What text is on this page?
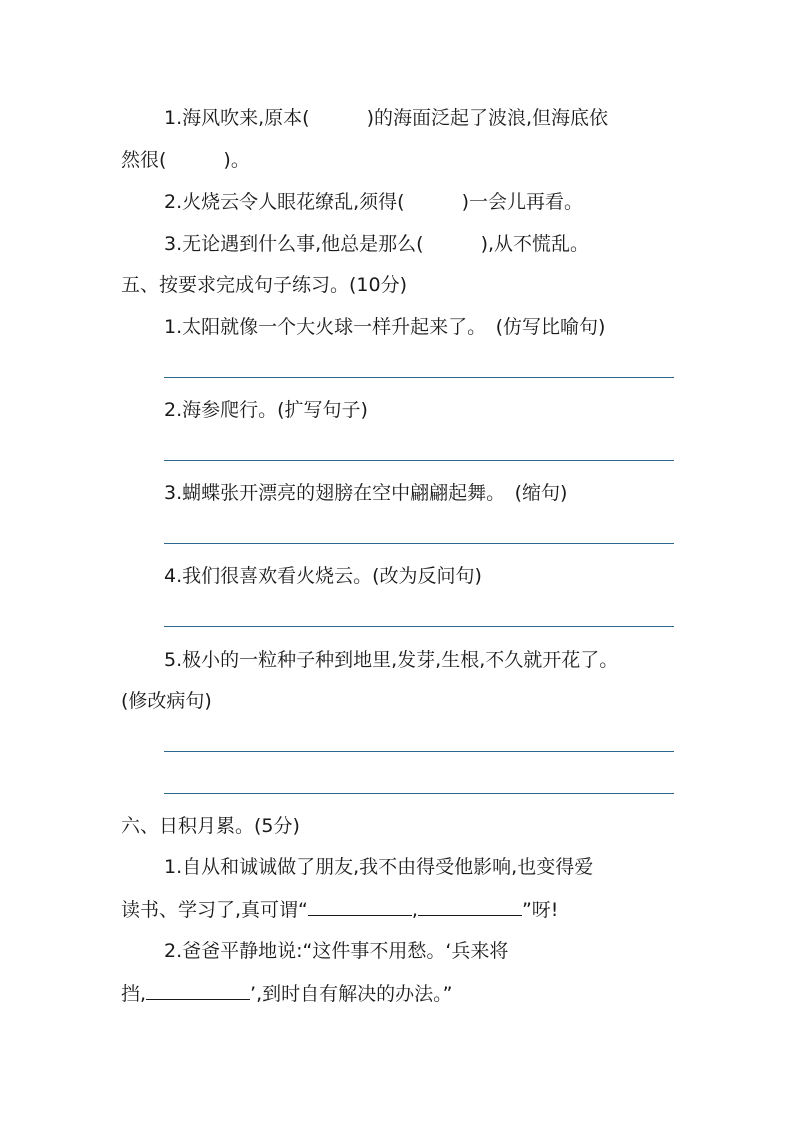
1.海风吹来,原本(　　　)的海面泛起了波浪,但海底依
然很(　　　)。
2.火烧云令人眼花缭乱,须得(　　　)一会儿再看。
3.无论遇到什么事,他总是那么(　　　),从不慌乱。
五、按要求完成句子练习。(10分)
1.太阳就像一个大火球一样升起来了。　(仿写比喻句)
2.海参爬行。(扩写句子)
3.蝴蝶张开漂亮的翅膀在空中翩翩起舞。　(缩句)
4.我们很喜欢看火烧云。(改为反问句)
5.极小的一粒种子种到地里,发芽,生根,不久就开花了。
(修改病句)
六、日积月累。(5分)
1.自从和诚诚做了朋友,我不由得受他影响,也变得爱
读书、学习了,真可谓“	,	”呀!
2.爸爸平静地说:“这件事不用愁。‘兵来将
挡,	’,到时自有解决的办法。”
